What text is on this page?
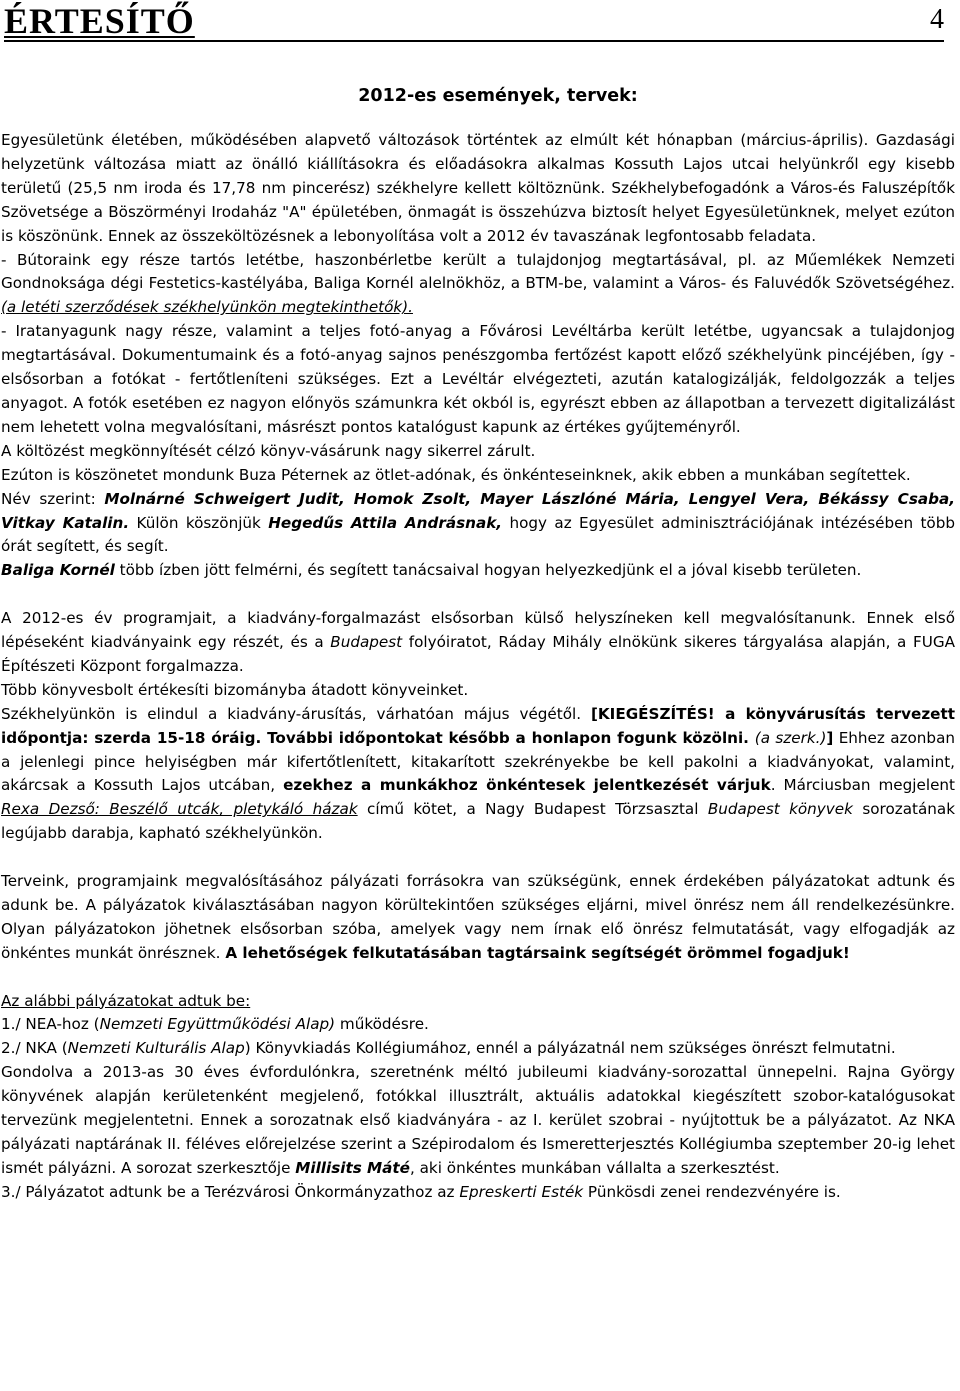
ÉRTESÍTŐ	4
2012-es események, tervek:

Egyesületünk életében, működésében alapvető változások történtek az elmúlt két hónapban (március-április). Gazdasági helyzetünk változása miatt az önálló kiállításokra és előadásokra alkalmas Kossuth Lajos utcai helyünkről egy kisebb területű (25,5 nm iroda és 17,78 nm pincerész) székhelyre kellett költöznünk. Székhelybefogadónk a Város-és Faluszépítők Szövetsége a Böszörményi Irodaház "A" épületében, önmagát is összehúzva biztosít helyet Egyesületünknek, melyet ezúton is köszönünk. Ennek az összeköltözésnek a lebonyolítása volt a 2012 év tavaszának legfontosabb feladata.

- Bútoraink egy része tartós letétbe, haszonbérletbe került a tulajdonjog megtartásával, pl. az Műemlékek Nemzeti Gondnoksága dégi Festetics-kastélyába, Baliga Kornél alelnökhöz, a BTM-be, valamint a Város- és Faluvédők Szövetségéhez. (a letéti szerződések székhelyünkön megtekinthetők).

- Iratanyagunk nagy része, valamint a teljes fotó-anyag a Fővárosi Levéltárba került letétbe, ugyancsak a tulajdonjog megtartásával. Dokumentumaink és a fotó-anyag sajnos penészgomba fertőzést kapott előző székhelyünk pincéjében, így - elsősorban a fotókat - fertőtleníteni szükséges. Ezt a Levéltár elvégezteti, azután katalogizálják, feldolgozzák a teljes anyagot. A fotók esetében ez nagyon előnyös számunkra két okból is, egyrészt ebben az állapotban a tervezett digitalizálást nem lehetett volna megvalósítani, másrészt pontos katalógust kapunk az értékes gyűjteményről.

A költözést megkönnyítését célzó könyv-vásárunk nagy sikerrel zárult.

Ezúton is köszönetet mondunk Buza Péternek az ötlet-adónak, és önkénteseinknek, akik ebben a munkában segítettek.

Név szerint: Molnárné Schweigert Judit, Homok Zsolt, Mayer Lászlóné Mária, Lengyel Vera, Békássy Csaba, Vitkay Katalin. Külön köszönjük Hegedűs Attila Andrásnak, hogy az Egyesület adminisztrációjának intézésében több órát segített, és segít.

Baliga Kornél több ízben jött felmérni, és segített tanácsaival hogyan helyezkedjünk el a jóval kisebb területen.

A 2012-es év programjait, a kiadvány-forgalmazást elsősorban külső helyszíneken kell megvalósítanunk. Ennek első lépéseként kiadványaink egy részét, és a Budapest folyóiratot, Ráday Mihály elnökünk sikeres tárgyalása alapján, a FUGA Építészeti Központ forgalmazza.

Több könyvesbolt értékesíti bizományba átadott könyveinket.

Székhelyünkön is elindul a kiadvány-árusítás, várhatóan május végétől. [KIEGÉSZÍTÉS! a könyvárusítás tervezett időpontja: szerda 15-18 óráig. További időpontokat később a honlapon fogunk közölni. (a szerk.)] Ehhez azonban a jelenlegi pince helyiségben már kifertőtlenített, kitakarított szekrényekbe be kell pakolni a kiadványokat, valamint, akárcsak a Kossuth Lajos utcában, ezekhez a munkákhoz önkéntesek jelentkezését várjuk. Márciusban megjelent Rexa Dezső: Beszélő utcák, pletykáló házak című kötet, a Nagy Budapest Törzsasztal Budapest könyvek sorozatának legújabb darabja, kapható székhelyünkön.

Terveink, programjaink megvalósításához pályázati forrásokra van szükségünk, ennek érdekében pályázatokat adtunk és adunk be. A pályázatok kiválasztásában nagyon körültekintően szükséges eljárni, mivel önrész nem áll rendelkezésünkre. Olyan pályázatokon jöhetnek elsősorban szóba, amelyek vagy nem írnak elő önrész felmutatását, vagy elfogadják az önkéntes munkát önrésznek. A lehetőségek felkutatásában tagtársaink segítségét örömmel fogadjuk!

Az alábbi pályázatokat adtuk be:

1./ NEA-hoz (Nemzeti Együttműködési Alap) működésre.

2./ NKA (Nemzeti Kulturális Alap) Könyvkiadás Kollégiumához, ennél a pályázatnál nem szükséges önrészt felmutatni.

Gondolva a 2013-as 30 éves évfordulónkra, szeretnénk méltó jubileumi kiadvány-sorozattal ünnepelni. Rajna György könyvének alapján kerületenként megjelenő, fotókkal illusztrált, aktuális adatokkal kiegészített szobor-katalógusokat tervezünk megjelentetni. Ennek a sorozatnak első kiadványára - az I. kerület szobrai - nyújtottuk be a pályázatot. Az NKA pályázati naptárának II. féléves előrejelzése szerint a Szépirodalom és Ismeretterjesztés Kollégiumba szeptember 20-ig lehet ismét pályázni. A sorozat szerkesztője Millisits Máté, aki önkéntes munkában vállalta a szerkesztést.

3./ Pályázatot adtunk be a Terézvárosi Önkormányzathoz az Epreskerti Esték Pünkösdi zenei rendezvényére is.
